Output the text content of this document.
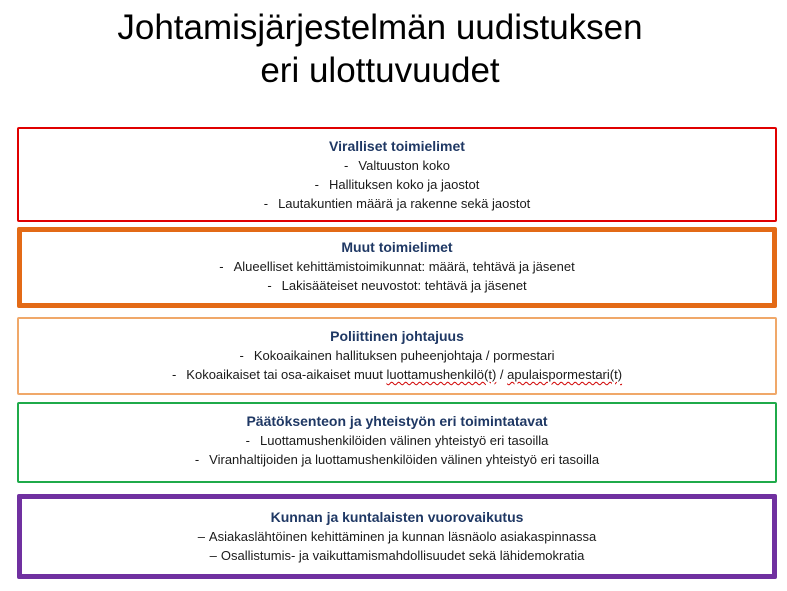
Johtamisjärjestelmän uudistuksen
eri ulottuvuudet
Viralliset toimielimet
- Valtuuston koko
- Hallituksen koko ja jaostot
- Lautakuntien määrä ja rakenne sekä jaostot
Muut toimielimet
- Alueelliset kehittämistoimikunnat: määrä, tehtävä ja jäsenet
- Lakisääteiset neuvostot: tehtävä ja jäsenet
Poliittinen johtajuus
- Kokoaikainen hallituksen puheenjohtaja / pormestari
- Kokoaikaiset tai osa-aikaiset muut luottamushenkilö(t) / apulaispormestari(t)
Päätöksenteon ja yhteistyön eri toimintatavat
- Luottamushenkilöiden välinen yhteistyö eri tasoilla
- Viranhaltijoiden ja luottamushenkilöiden välinen yhteistyö eri tasoilla
Kunnan ja kuntalaisten vuorovaikutus
– Asiakaslähtöinen kehittäminen ja kunnan läsnäolo asiakaspinnassa
– Osallistumis- ja vaikuttamismahdollisuudet sekä lähidemokratia
